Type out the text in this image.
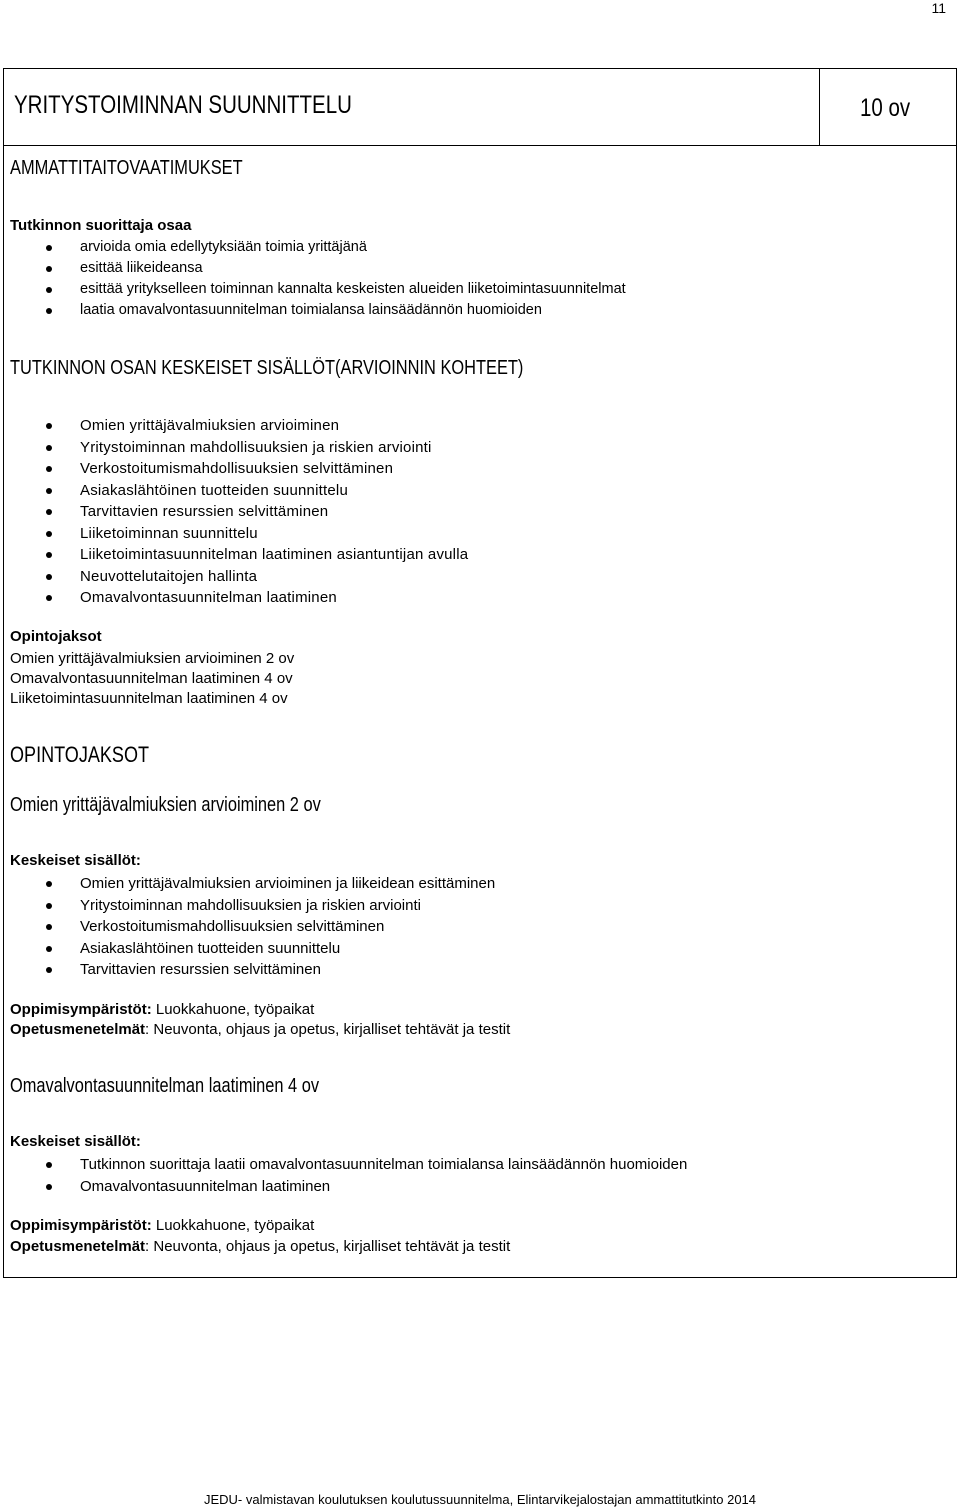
11
YRITYSTOIMINNAN SUUNNITTELU	10 ov
AMMATTITAITOVAATIMUKSET
Tutkinnon suorittaja osaa
arvioida omia edellytyksiään toimia yrittäjänä
esittää liikeideansa
esittää yritykselleen toiminnan kannalta keskeisten alueiden liiketoimintasuunnitelmat
laatia omavalvontasuunnitelman toimialansa lainsäädännön huomioiden
TUTKINNON OSAN KESKEISET SISÄLLÖT(ARVIOINNIN KOHTEET)
Omien yrittäjävalmiuksien arvioiminen
Yritystoiminnan mahdollisuuksien ja riskien arviointi
Verkostoitumismahdollisuuksien selvittäminen
Asiakaslähtöinen tuotteiden suunnittelu
Tarvittavien resurssien selvittäminen
Liiketoiminnan suunnittelu
Liiketoimintasuunnitelman laatiminen asiantuntijan avulla
Neuvottelutaitojen hallinta
Omavalvontasuunnitelman laatiminen
Opintojaksot
Omien yrittäjävalmiuksien arvioiminen 2 ov
Omavalvontasuunnitelman laatiminen 4 ov
Liiketoimintasuunnitelman laatiminen 4 ov
OPINTOJAKSOT
Omien yrittäjävalmiuksien arvioiminen 2 ov
Keskeiset sisällöt:
Omien yrittäjävalmiuksien arvioiminen ja liikeidean esittäminen
Yritystoiminnan mahdollisuuksien ja riskien arviointi
Verkostoitumismahdollisuuksien selvittäminen
Asiakaslähtöinen tuotteiden suunnittelu
Tarvittavien resurssien selvittäminen
Oppimisympäristöt: Luokkahuone, työpaikat
Opetusmenetelmät: Neuvonta, ohjaus ja opetus, kirjalliset tehtävät ja testit
Omavalvontasuunnitelman laatiminen 4 ov
Keskeiset sisällöt:
Tutkinnon suorittaja laatii omavalvontasuunnitelman toimialansa lainsäädännön huomioiden
Omavalvontasuunnitelman laatiminen
Oppimisympäristöt: Luokkahuone, työpaikat
Opetusmenetelmät: Neuvonta, ohjaus ja opetus, kirjalliset tehtävät ja testit
JEDU- valmistavan koulutuksen koulutussuunnitelma, Elintarvikejalostajan ammattitutkinto 2014
